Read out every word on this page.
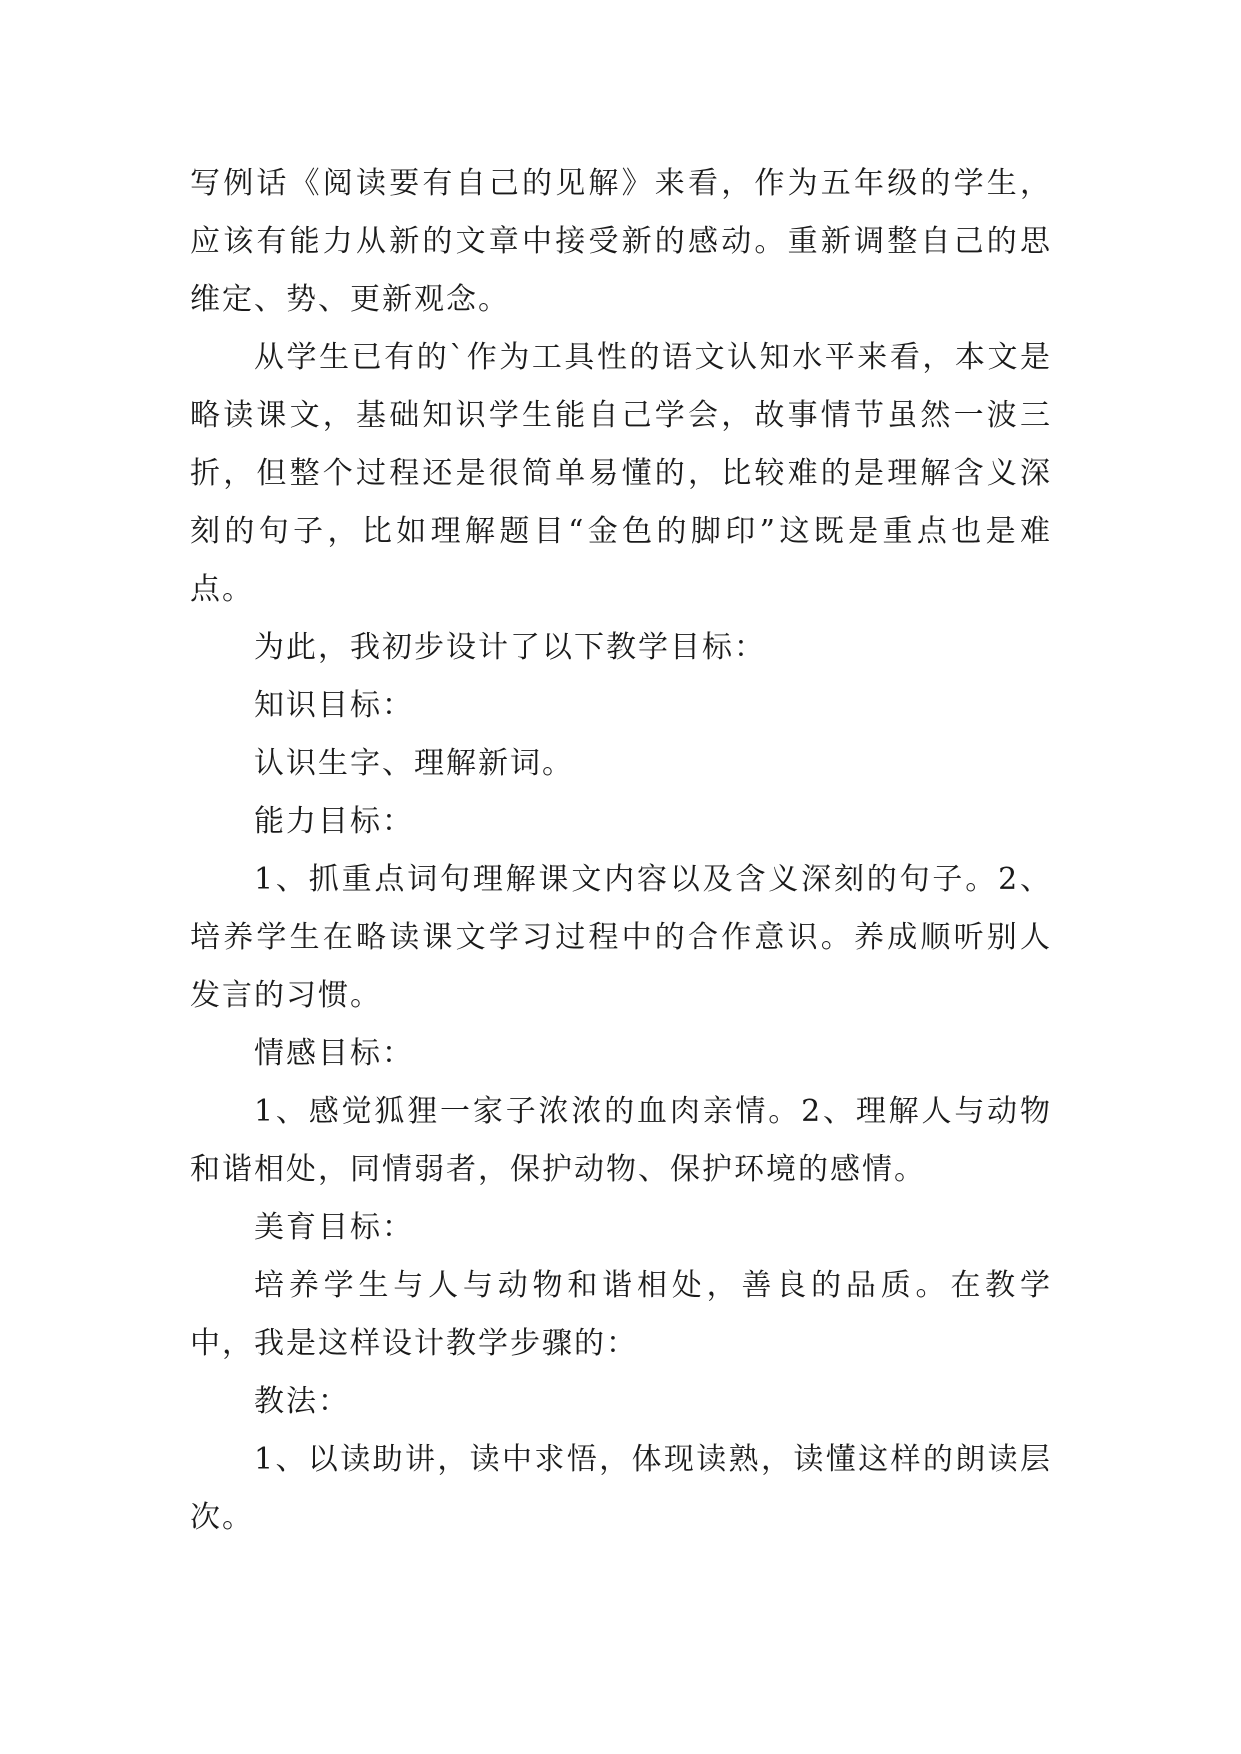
写例话《阅读要有自己的见解》来看，作为五年级的学生，应该有能力从新的文章中接受新的感动。重新调整自己的思维定、势、更新观念。

从学生已有的`作为工具性的语文认知水平来看，本文是略读课文，基础知识学生能自己学会，故事情节虽然一波三折，但整个过程还是很简单易懂的，比较难的是理解含义深刻的句子，比如理解题目“金色的脚印”这既是重点也是难点。

为此，我初步设计了以下教学目标：

知识目标：

认识生字、理解新词。

能力目标：

1、抓重点词句理解课文内容以及含义深刻的句子。2、培养学生在略读课文学习过程中的合作意识。养成顺听别人发言的习惯。

情感目标：

1、感觉狐狸一家子浓浓的血肉亲情。2、理解人与动物和谐相处，同情弱者，保护动物、保护环境的感情。

美育目标：

培养学生与人与动物和谐相处，善良的品质。在教学中，我是这样设计教学步骤的：

教法：

1、以读助讲，读中求悟，体现读熟，读懂这样的朗读层次。
